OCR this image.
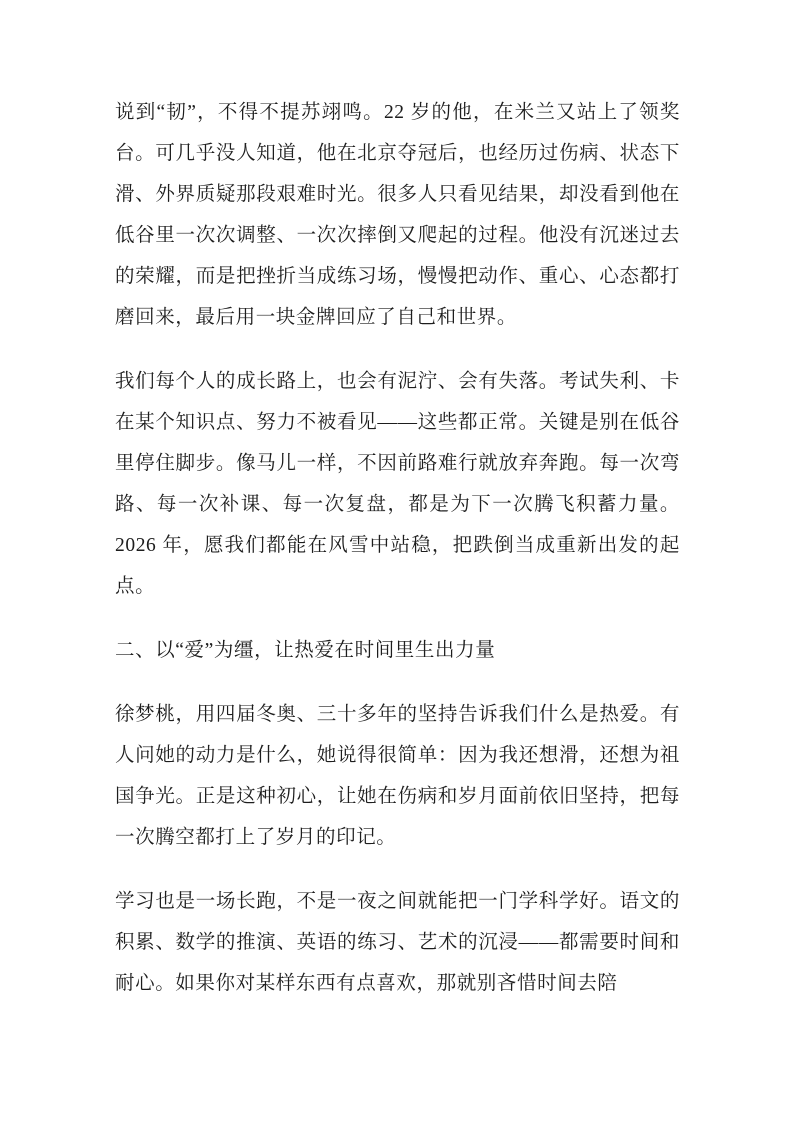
说到“韧”，不得不提苏翊鸣。22 岁的他，在米兰又站上了领奖台。可几乎没人知道，他在北京夺冠后，也经历过伤病、状态下滑、外界质疑那段艰难时光。很多人只看见结果，却没看到他在低谷里一次次调整、一次次摔倒又爬起的过程。他没有沉迷过去的荣耀，而是把挫折当成练习场，慢慢把动作、重心、心态都打磨回来，最后用一块金牌回应了自己和世界。

我们每个人的成长路上，也会有泥泞、会有失落。考试失利、卡在某个知识点、努力不被看见——这些都正常。关键是别在低谷里停住脚步。像马儿一样，不因前路难行就放弃奔跑。每一次弯路、每一次补课、每一次复盘，都是为下一次腾飞积蓄力量。2026 年，愿我们都能在风雪中站稳，把跌倒当成重新出发的起点。

二、以“爱”为缰，让热爱在时间里生出力量

徐梦桃，用四届冬奥、三十多年的坚持告诉我们什么是热爱。有人问她的动力是什么，她说得很简单：因为我还想滑，还想为祖国争光。正是这种初心，让她在伤病和岁月面前依旧坚持，把每一次腾空都打上了岁月的印记。

学习也是一场长跑，不是一夜之间就能把一门学科学好。语文的积累、数学的推演、英语的练习、艺术的沉浸——都需要时间和耐心。如果你对某样东西有点喜欢，那就别吝惜时间去陪
